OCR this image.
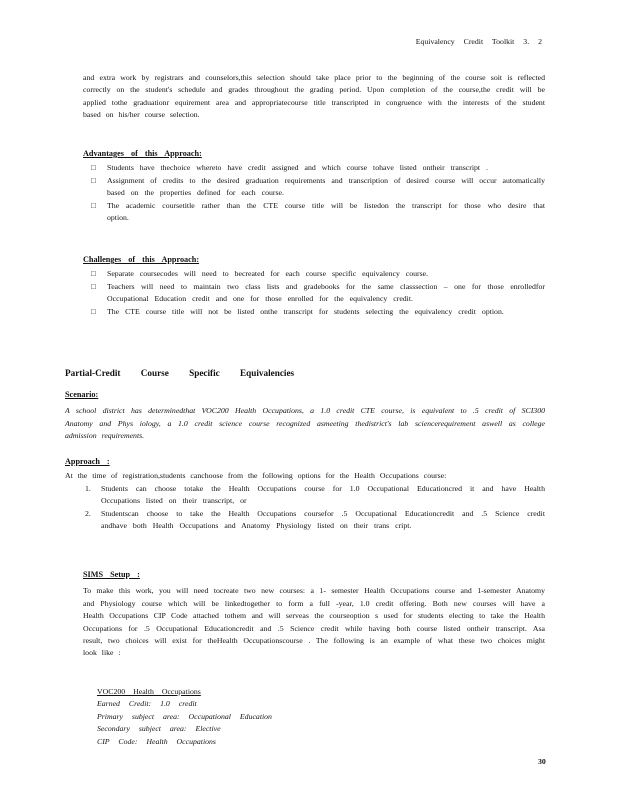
Equivalency Credit Toolkit 3. 2

and extra work by registrars and counselors,this selection should take place prior to the beginning of the course soit is reflected correctly on the student's schedule and grades throughout the grading period. Upon completion of the course,the credit will be applied tothe graduationr equirement area and appropriatecourse title transcripted in congruence with the interests of the student based on his/her course selection.

Advantages of this Approach:
□ Students have thechoice whereto have credit assigned and which course tohave listed ontheir transcript .
□ Assignment of credits to the desired graduation requirements and transcription of desired course will occur automatically based on the properties defined for each course.
□ The academic coursetitle rather than the CTE course title will be listedon the transcript for those who desire that option.
Challenges of this Approach:
□ Separate coursecodes will need to becreated for each course specific equivalency course.
□ Teachers will need to maintain two class lists and gradebooks for the same classsection – one for those enrolledfor Occupational Education credit and one for those enrolled for the equivalency credit.
□ The CTE course title will not be listed onthe transcript for students selecting the equivalency credit option.
Partial-Credit Course Specific Equivalencies
Scenario:

A school district has determinedthat VOC200 Health Occupations, a 1.0 credit CTE course, is equivalent to .5 credit of SCI300 Anatomy and Phys iology, a 1.0 credit science course recognized asmeeting thedistrict's lab sciencerequirement aswell as college admission requirements.

Approach :

At the time of registration,students canchoose from the following options for the Health Occupations course:

1. Students can choose totake the Health Occupations course for 1.0 Occupational Educationcred it and have Health Occupations listed on their transcript, or
2. Studentscan choose to take the Health Occupations coursefor .5 Occupational Educationcredit and .5 Science credit andhave both Health Occupations and Anatomy Physiology listed on their trans cript.
SIMS Setup :

To make this work, you will need tocreate two new courses: a 1- semester Health Occupations course and 1-semester Anatomy and Physiology course which will be linkedtogether to form a full -year, 1.0 credit offering. Both new courses will have a Health Occupations CIP Code attached tothem and will serveas the courseoption s used for students electing to take the Health Occupations for .5 Occupational Educationcredit and .5 Science credit while having both course listed ontheir transcript. Asa result, two choices will exist for theHealth Occupationscourse . The following is an example of what these two choices might look like :

VOC200 Health Occupations
Earned Credit: 1.0 credit
Primary subject area: Occupational Education
Secondary subject area: Elective
CIP Code: Health Occupations
30
